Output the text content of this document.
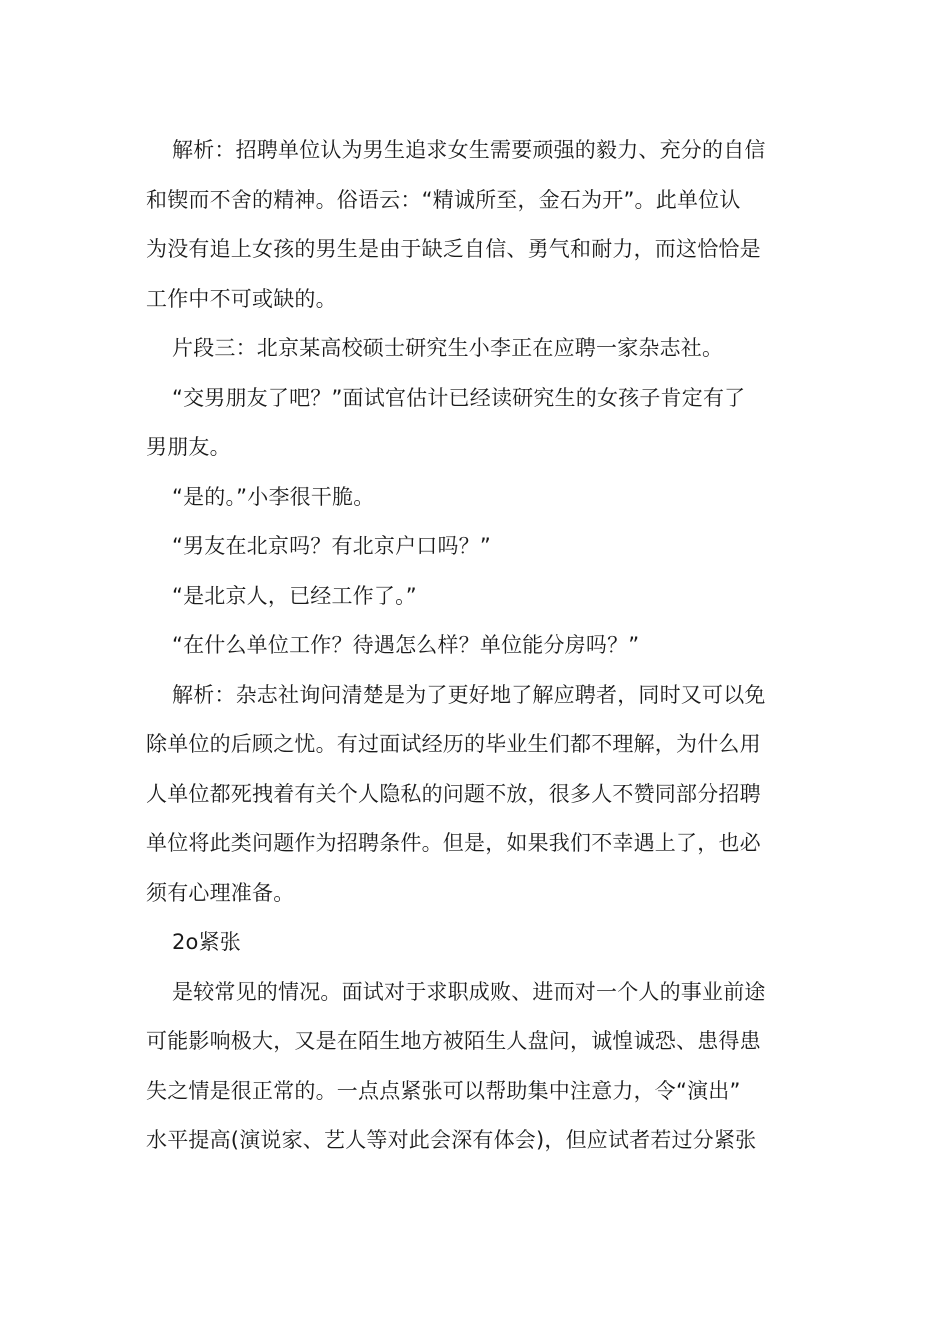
解析：招聘单位认为男生追求女生需要顽强的毅力、充分的自信
和锲而不舍的精神。俗语云：“精诚所至，金石为开”。此单位认
为没有追上女孩的男生是由于缺乏自信、勇气和耐力，而这恰恰是
工作中不可或缺的。
片段三：北京某高校硕士研究生小李正在应聘一家杂志社。
“交男朋友了吧？”面试官估计已经读研究生的女孩子肯定有了
男朋友。
“是的。”小李很干脆。
“男友在北京吗？有北京户口吗？”
“是北京人，已经工作了。”
“在什么单位工作？待遇怎么样？单位能分房吗？”
解析：杂志社询问清楚是为了更好地了解应聘者，同时又可以免
除单位的后顾之忧。有过面试经历的毕业生们都不理解，为什么用
人单位都死拽着有关个人隐私的问题不放，很多人不赞同部分招聘
单位将此类问题作为招聘条件。但是，如果我们不幸遇上了，也必
须有心理准备。
2o紧张
是较常见的情况。面试对于求职成败、进而对一个人的事业前途
可能影响极大，又是在陌生地方被陌生人盘问，诚惶诚恐、患得患
失之情是很正常的。一点点紧张可以帮助集中注意力，令“演出”
水平提高(演说家、艺人等对此会深有体会)，但应试者若过分紧张
